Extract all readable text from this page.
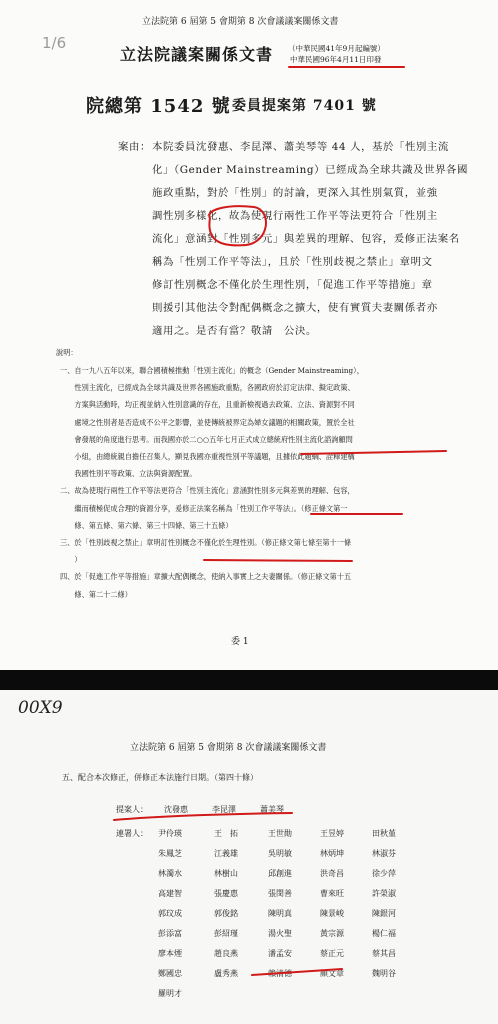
立法院第 6 屆第 5 會期第 8 次會議議案關係文書
1/6
立法院議案關係文書 （中華民國41年9月起編號）
中華民國96年4月11日印發
院總第 1542 號 委員提案第 7401 號
案由： 本院委員沈發惠、李昆澤、蕭美琴等 44 人，基於「性別主流
化」（Gender Mainstreaming）已經成為全球共識及世界各國
施政重點，對於「性別」的討論，更深入其性別氣質，並強
調性別多樣化，故為使現行兩性工作平等法更符合「性別主
流化」意涵對「性別多元」與差異的理解、包容，爰修正法案名
稱為「性別工作平等法」，且於「性別歧視之禁止」章明文
修訂性別概念不僅化於生理性別，「促進工作平等措施」章
則援引其他法令對配偶概念之擴大，使有實質夫妻關係者亦
適用之。是否有當？敬請　公決。
說明：
一、自一九八五年以來，聯合國積極推動「性別主流化」的概念（Gender Mainstreaming），
　　性別主流化，已經成為全球共識及世界各國施政重點，各國政府於訂定法律、擬定政策、
　　方案與活動時，均正視並納入性別意識的存在，且重新檢視過去政策、立法、資源對不同
　　處境之性別者是否造成不公平之影響，並使傳統被界定為婦女議題的相關政策，置於全社
　　會發展的角度進行思考。而我國亦於二○○五年七月正式成立總統府性別主流化諮詢顧問
　　小組，由總統親自擔任召集人，顯見我國亦重視性別平等議題，且據依此題綱、詮釋建構
　　我國性別平等政策、立法與資源配置。
二、故為使現行兩性工作平等法更符合「性別主流化」意涵對性別多元與差異的理解、包容，
　　繼而積極促成合理的資源分享，爰修正法案名稱為「性別工作平等法」。（修正條文第一
　　條、第五條、第六條、第三十四條、第三十五條）
三、於「性別歧視之禁止」章明訂性別概念不僅化於生理性別。（修正條文第七條至第十一條
　　）
四、於「促進工作平等措施」章擴大配偶概念，使納入事實上之夫妻關係。（修正條文第十五
　　條、第二十二條）
委 1
00X9
立法院第 6 屆第 5 會期第 8 次會議議案關係文書
五、配合本次修正，併修正本法施行日期。（第四十條）
提案人： 沈發惠	李昆澤	蕭美琴
連署人： 尹伶瑛	王　拓	王世勛	王昱婷	田秋堇
朱鳳芝	江義雄	吳明敏	林炳坤	林淑芬
林濁水	林樹山	邱創進	洪奇昌	徐少萍
高建智	張慶惠	張閔善	曹來旺	許榮淑
郭玟成	郭俊銘	陳明真	陳景峻	陳銀河
彭添富	彭紹瑾	湯火聖	黃宗源	楊仁福
廖本煙	趙良燕	潘孟安	蔡正元	蔡其昌
鄭國忠	盧秀燕	賴清德	顏文章	魏明谷
羅明才
